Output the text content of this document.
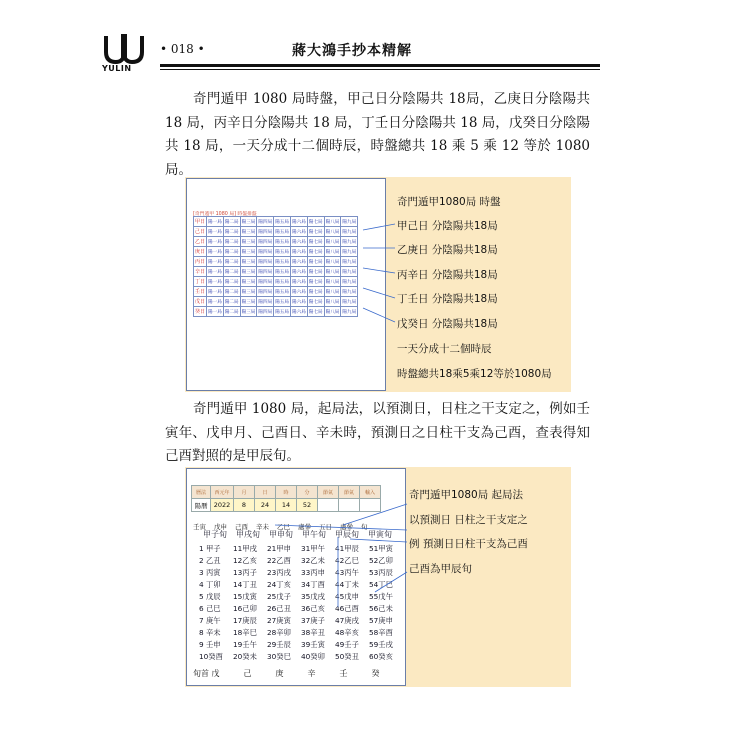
YULIN
• 018 •	蔣大鴻手抄本精解

奇門遁甲 1080 局時盤，甲己日分陰陽共 18局，乙庚日分陰陽共 18 局，丙辛日分陰陽共 18 局，丁壬日分陰陽共 18 局，戊癸日分陰陽共 18 局，一天分成十二個時辰，時盤總共 18 乘 5 乘 12 等於 1080 局。

[奇門遁甲 1080 局] 時盤排盤
甲日	陽一局	陽二局	陽三局	陽四局	陽五局	陽六局	陽七局	陽八局	陽九局
己日	陽一局	陽二局	陽三局	陽四局	陽五局	陽六局	陽七局	陽八局	陽九局
乙日	陽一局	陽二局	陽三局	陽四局	陽五局	陽六局	陽七局	陽八局	陽九局
庚日	陽一局	陽二局	陽三局	陽四局	陽五局	陽六局	陽七局	陽八局	陽九局
丙日	陽一局	陽二局	陽三局	陽四局	陽五局	陽六局	陽七局	陽八局	陽九局
辛日	陽一局	陽二局	陽三局	陽四局	陽五局	陽六局	陽七局	陽八局	陽九局
丁日	陽一局	陽二局	陽三局	陽四局	陽五局	陽六局	陽七局	陽八局	陽九局
壬日	陽一局	陽二局	陽三局	陽四局	陽五局	陽六局	陽七局	陽八局	陽九局
戊日	陽一局	陽二局	陽三局	陽四局	陽五局	陽六局	陽七局	陽八局	陽九局
癸日	陽一局	陽二局	陽三局	陽四局	陽五局	陽六局	陽七局	陽八局	陽九局
奇門遁甲1080局 時盤
甲己日 分陰陽共18局
乙庚日 分陰陽共18局
丙辛日 分陰陽共18局
丁壬日 分陰陽共18局
戊癸日 分陰陽共18局
一天分成十二個時辰
時盤總共18乘5乘12等於1080局

奇門遁甲 1080 局，起局法，以預測日，日柱之干支定之，例如壬寅年、戊申月、己酉日、辛未時，預測日之日柱干支為己酉，查表得知己酉對照的是甲辰旬。

曆法	西元年	月	日	時	分	節氣	節氣	輸入
陽曆	2022	8	24	14	52			
壬寅 戊申 己酉 辛未 乙巳 處曑 五日 處曑 旬
甲子旬 甲戌旬 甲申旬 甲午旬 甲辰旬 甲寅旬
1 甲子 11甲戌 21甲申 31甲午 41甲辰 51甲寅
2 乙丑 12乙亥 22乙酉 32乙未 42乙巳 52乙卯
3 丙寅 13丙子 23丙戌 33丙申 43丙午 53丙辰
4 丁卯 14丁丑 24丁亥 34丁酉 44丁未 54丁巳
5 戊辰 15戊寅 25戊子 35戊戌 45戊申 55戊午
6 己巳 16己卯 26己丑 36己亥 46己酉 56己未
7 庚午 17庚辰 27庚寅 37庚子 47庚戌 57庚申
8 辛未 18辛巳 28辛卯 38辛丑 48辛亥 58辛酉
9 壬申 19壬午 29壬辰 39壬寅 49壬子 59壬戌
10癸酉 20癸未 30癸巳 40癸卯 50癸丑 60癸亥
旬首 戊　　　己　　　庚　　　辛　　　壬　　　癸
奇門遁甲1080局 起局法
以預測日 日柱之干支定之
例 預測日日柱干支為己酉
己酉為甲辰旬
